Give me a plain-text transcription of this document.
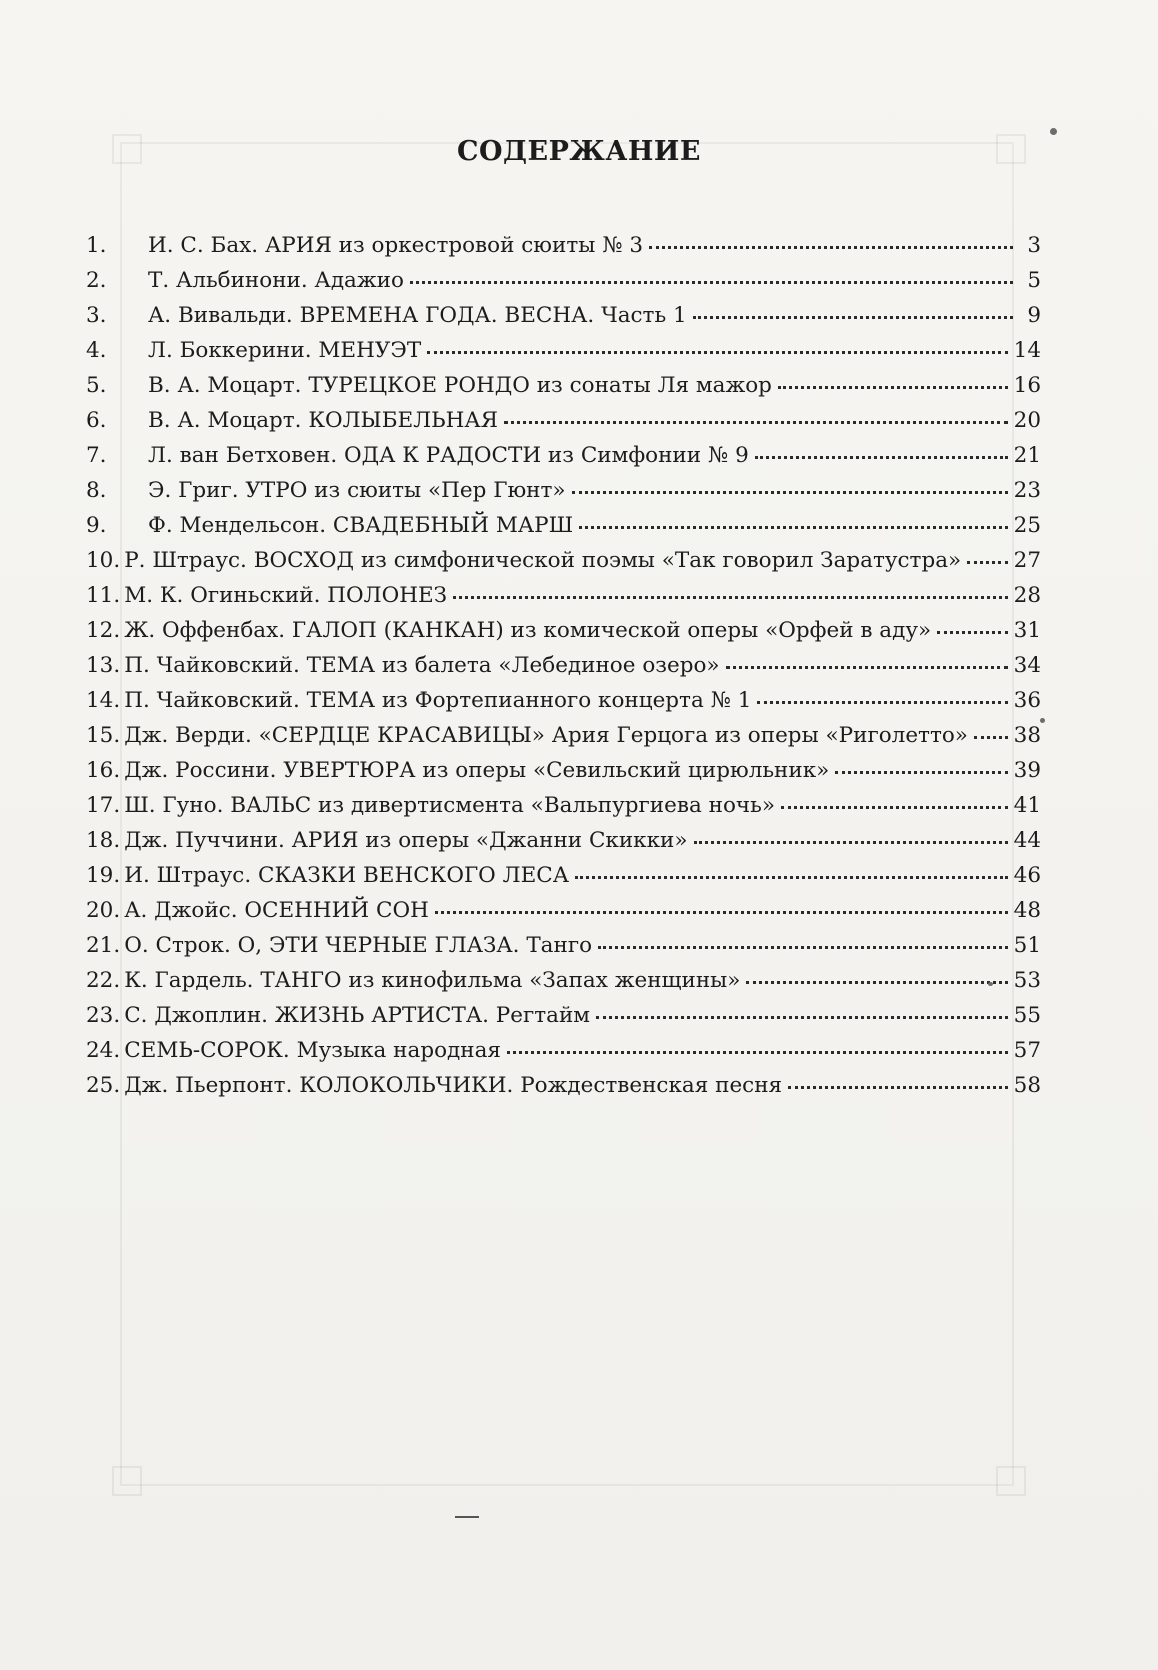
СОДЕРЖАНИЕ
1.	И. С. Бах. АРИЯ из оркестровой сюиты № 3	3
2.	Т. Альбинони. Адажио	5
3.	А. Вивальди. ВРЕМЕНА ГОДА. ВЕСНА. Часть 1	9
4.	Л. Боккерини. МЕНУЭТ	14
5.	В. А. Моцарт. ТУРЕЦКОЕ РОНДО из сонаты Ля мажор	16
6.	В. А. Моцарт. КОЛЫБЕЛЬНАЯ	20
7.	Л. ван Бетховен. ОДА К РАДОСТИ из Симфонии № 9	21
8.	Э. Григ. УТРО из сюиты «Пер Гюнт»	23
9.	Ф. Мендельсон. СВАДЕБНЫЙ МАРШ	25
10. Р. Штраус. ВОСХОД из симфонической поэмы «Так говорил Заратустра» 27
11. М. К. Огиньский. ПОЛОНЕЗ	28
12. Ж. Оффенбах. ГАЛОП (КАНКАН) из комической оперы «Орфей в аду»	31
13. П. Чайковский. ТЕМА из балета «Лебединое озеро»	34
14. П. Чайковский. ТЕМА из Фортепианного концерта № 1	36
15. Дж. Верди. «СЕРДЦЕ КРАСАВИЦЫ» Ария Герцога из оперы «Риголетто» 38
16. Дж. Россини. УВЕРТЮРА из оперы «Севильский цирюльник»	39
17. Ш. Гуно. ВАЛЬС из дивертисмента «Вальпургиева ночь»	41
18. Дж. Пуччини. АРИЯ из оперы «Джанни Скикки»	44
19. И. Штраус. СКАЗКИ ВЕНСКОГО ЛЕСА	46
20. А. Джойс. ОСЕННИЙ СОН	48
21. О. Строк. О, ЭТИ ЧЕРНЫЕ ГЛАЗА. Танго	51
22. К. Гардель. ТАНГО из кинофильма «Запах женщины»	53
23. С. Джоплин. ЖИЗНЬ АРТИСТА. Регтайм	55
24. СЕМЬ-СОРОК. Музыка народная	57
25. Дж. Пьерпонт. КОЛОКОЛЬЧИКИ. Рождественская песня	58
